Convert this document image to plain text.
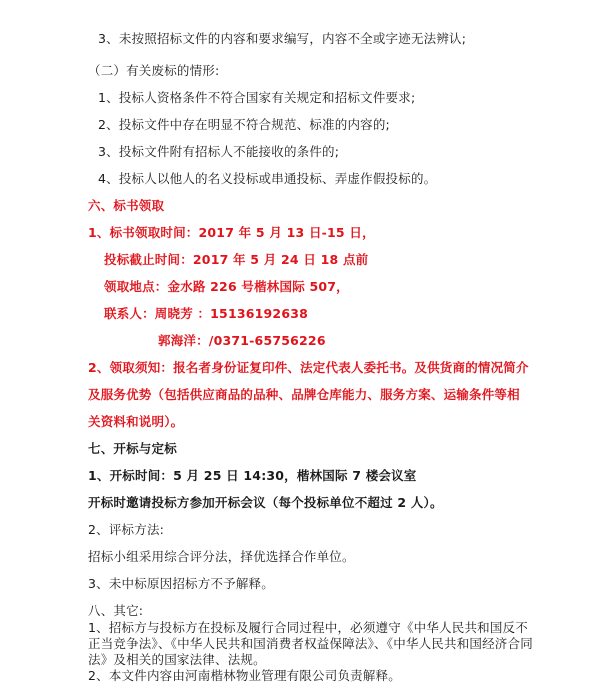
3、未按照招标文件的内容和要求编写，内容不全或字迹无法辨认;
（二）有关废标的情形:
1、投标人资格条件不符合国家有关规定和招标文件要求;
2、投标文件中存在明显不符合规范、标准的内容的;
3、投标文件附有招标人不能接收的条件的;
4、投标人以他人的名义投标或串通投标、弄虚作假投标的。
六、标书领取
1、标书领取时间：2017 年 5 月 13 日-15 日，
投标截止时间：2017 年 5 月 24 日 18 点前
领取地点：金水路 226 号楷林国际 507，
联系人：周晓芳 ：15136192638
郭海洋：/0371-65756226
2、领取须知：报名者身份证复印件、法定代表人委托书。及供货商的情况简介
及服务优势（包括供应商品的品种、品牌仓库能力、服务方案、运输条件等相
关资料和说明）。
七、开标与定标
1、开标时间：5 月 25 日 14:30，楷林国际 7 楼会议室
开标时邀请投标方参加开标会议（每个投标单位不超过 2 人）。
2、评标方法:
招标小组采用综合评分法，择优选择合作单位。
3、未中标原因招标方不予解释。
八、其它:
1、招标方与投标方在投标及履行合同过程中，必须遵守《中华人民共和国反不
正当竞争法》、《中华人民共和国消费者权益保障法》、《中华人民共和国经济合同
法》及相关的国家法律、法规。
2、本文件内容由河南楷林物业管理有限公司负责解释。
